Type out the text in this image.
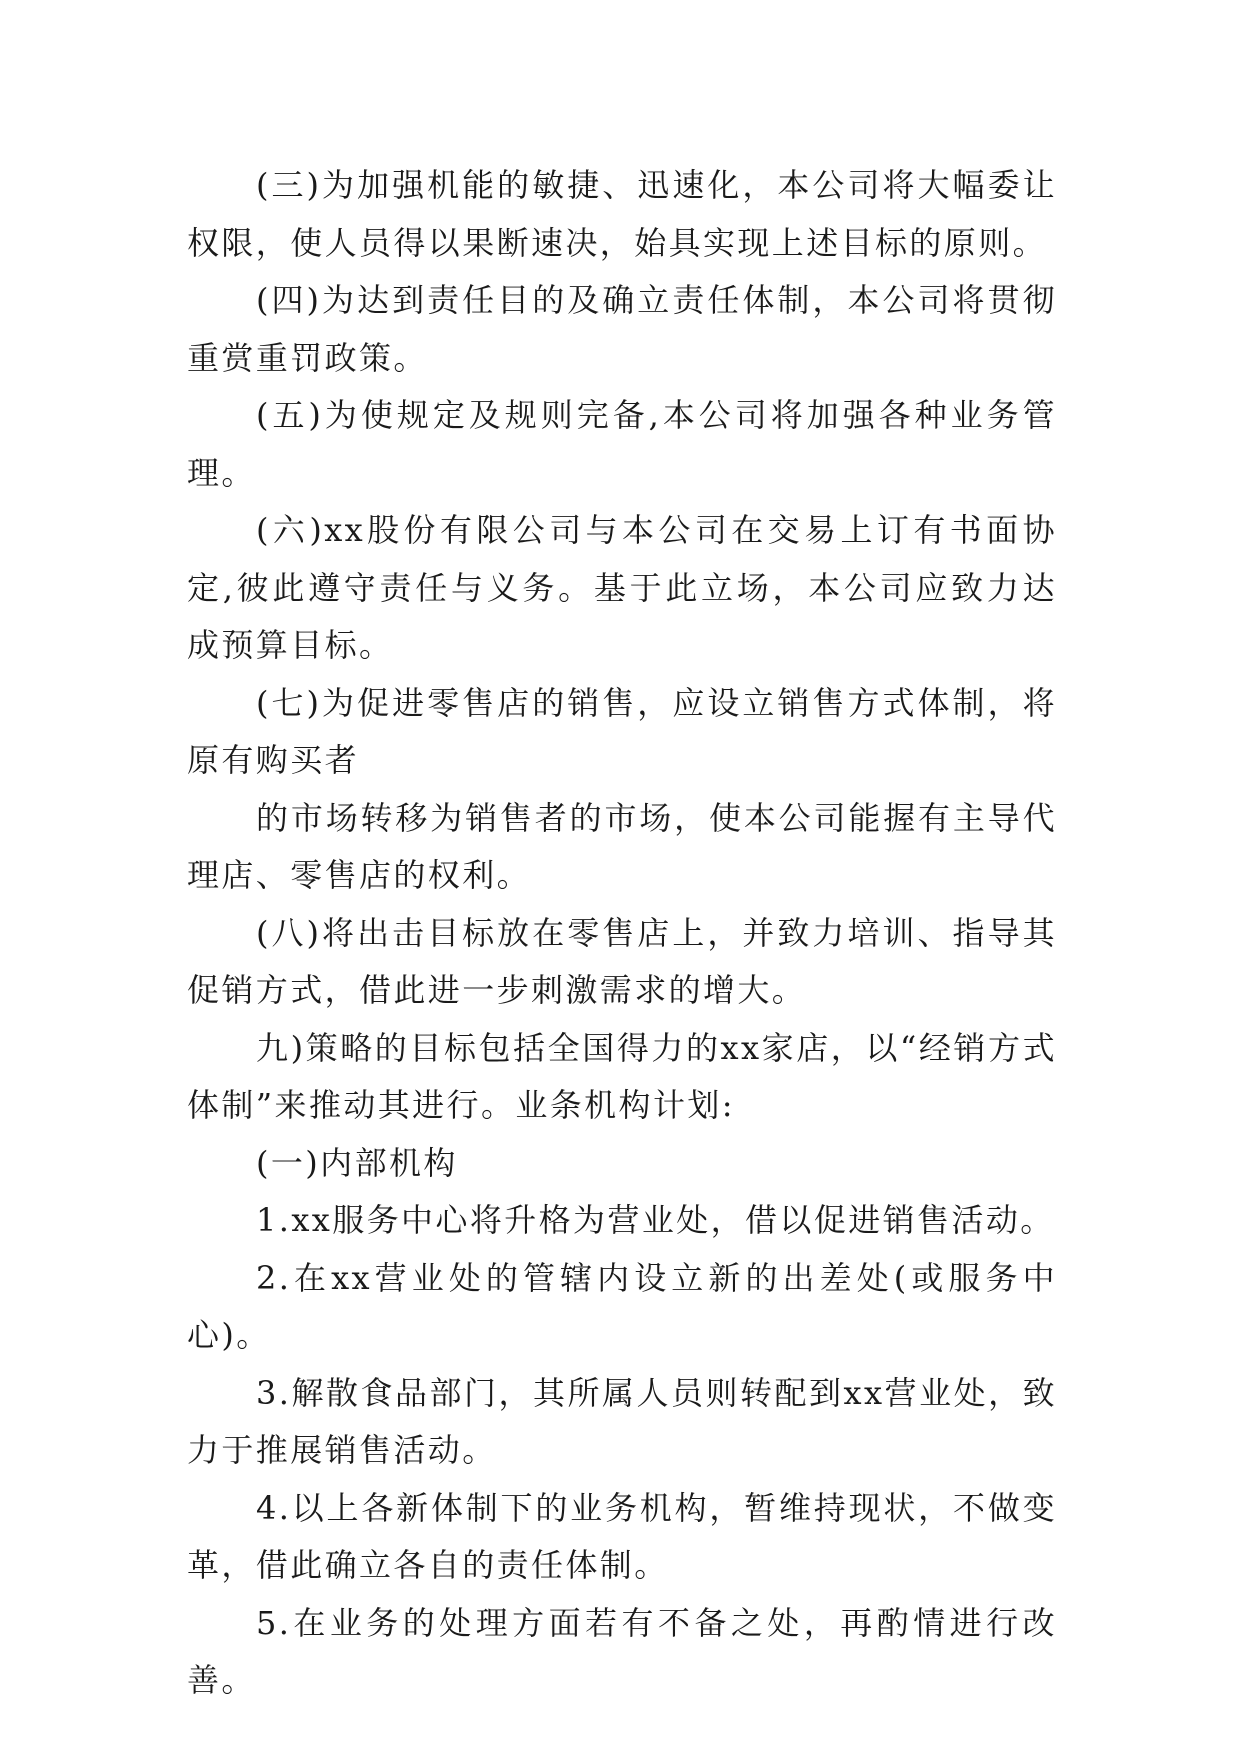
(三)为加强机能的敏捷、迅速化，本公司将大幅委让权限，使人员得以果断速决，始具实现上述目标的原则。

(四)为达到责任目的及确立责任体制，本公司将贯彻重赏重罚政策。

(五)为使规定及规则完备,本公司将加强各种业务管理。

(六)xx股份有限公司与本公司在交易上订有书面协定,彼此遵守责任与义务。基于此立场，本公司应致力达成预算目标。

(七)为促进零售店的销售，应设立销售方式体制，将原有购买者

的市场转移为销售者的市场，使本公司能握有主导代理店、零售店的权利。

(八)将出击目标放在零售店上，并致力培训、指导其促销方式，借此进一步刺激需求的增大。

九)策略的目标包括全国得力的xx家店，以“经销方式体制”来推动其进行。业条机构计划:

(一)内部机构

1.xx服务中心将升格为营业处，借以促进销售活动。

2.在xx营业处的管辖内设立新的出差处(或服务中心)。

3.解散食品部门，其所属人员则转配到xx营业处，致力于推展销售活动。

4.以上各新体制下的业务机构，暂维持现状，不做变革，借此确立各自的责任体制。

5.在业务的处理方面若有不备之处，再酌情进行改善。
